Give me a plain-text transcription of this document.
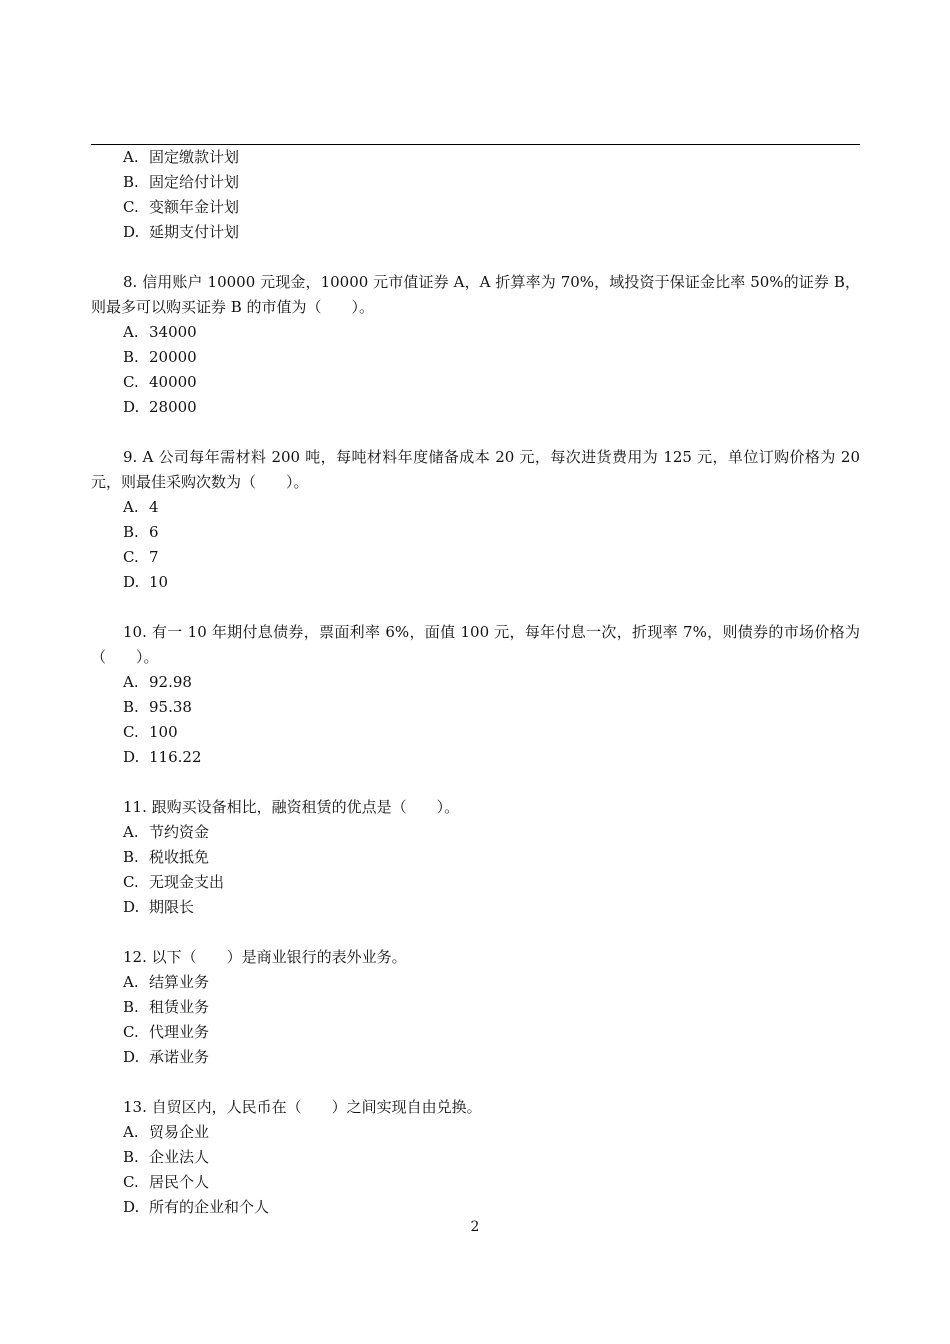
A. 固定缴款计划
B. 固定给付计划
C. 变额年金计划
D. 延期支付计划
8. 信用账户 10000 元现金，10000 元市值证券 A，A 折算率为 70%，域投资于保证金比率 50%的证券 B，则最多可以购买证券 B 的市值为（　　）。
A. 34000
B. 20000
C. 40000
D. 28000
9. A 公司每年需材料 200 吨，每吨材料年度储备成本 20 元，每次进货费用为 125 元，单位订购价格为 20 元，则最佳采购次数为（　　）。
A. 4
B. 6
C. 7
D. 10
10. 有一 10 年期付息债券，票面利率 6%，面值 100 元，每年付息一次，折现率 7%，则债券的市场价格为（　　）。
A. 92.98
B. 95.38
C. 100
D. 116.22
11. 跟购买设备相比，融资租赁的优点是（　　）。
A. 节约资金
B. 税收抵免
C. 无现金支出
D. 期限长
12. 以下（　　）是商业银行的表外业务。
A. 结算业务
B. 租赁业务
C. 代理业务
D. 承诺业务
13. 自贸区内，人民币在（　　）之间实现自由兑换。
A. 贸易企业
B. 企业法人
C. 居民个人
D. 所有的企业和个人
2
